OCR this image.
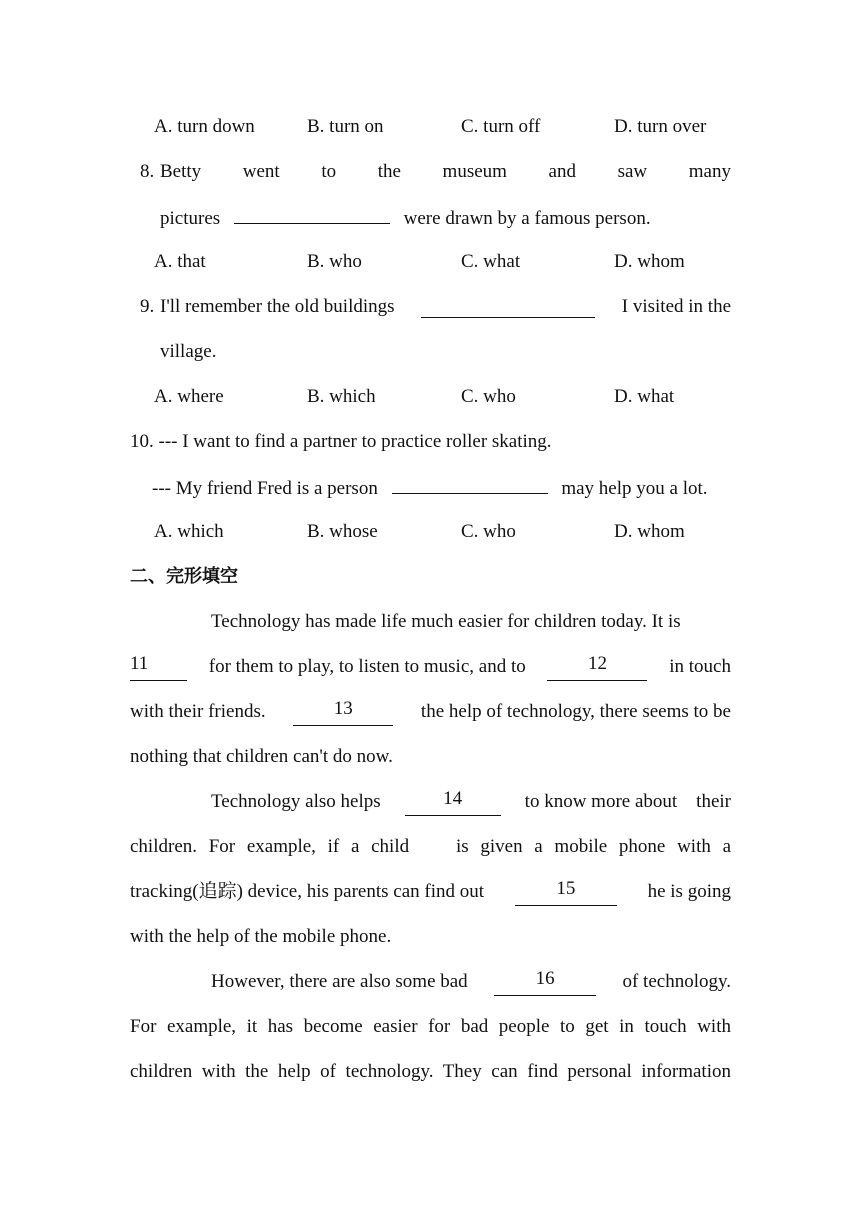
A. turn down	B. turn on	C. turn off	D. turn over
8. Betty went to the museum and saw many
pictures	were drawn by a famous person.
A. that	B. who	C. what	D. whom
9. I'll remember the old buildings	I visited in the
village.
A. where	B. which	C. who	D. what
10. --- I want to find a partner to practice roller skating.
--- My friend Fred is a person	may help you a lot.
A. which	B. whose	C. who	D. whom
二、完形填空
Technology has made life much easier for children today. It is
11	for them to play, to listen to music, and to	12	in touch
with their friends.	13	the help of technology, there seems to be
nothing that children can't do now.
Technology also helps	14	to know more about    their
children. For example, if a child    is given a mobile phone with a
tracking(追踪) device, his parents can find out	15	he is going
with the help of the mobile phone.
However, there are also some bad	16	of technology.
For example, it has become easier for bad people to get in touch with
children with the help of technology. They can find personal information
